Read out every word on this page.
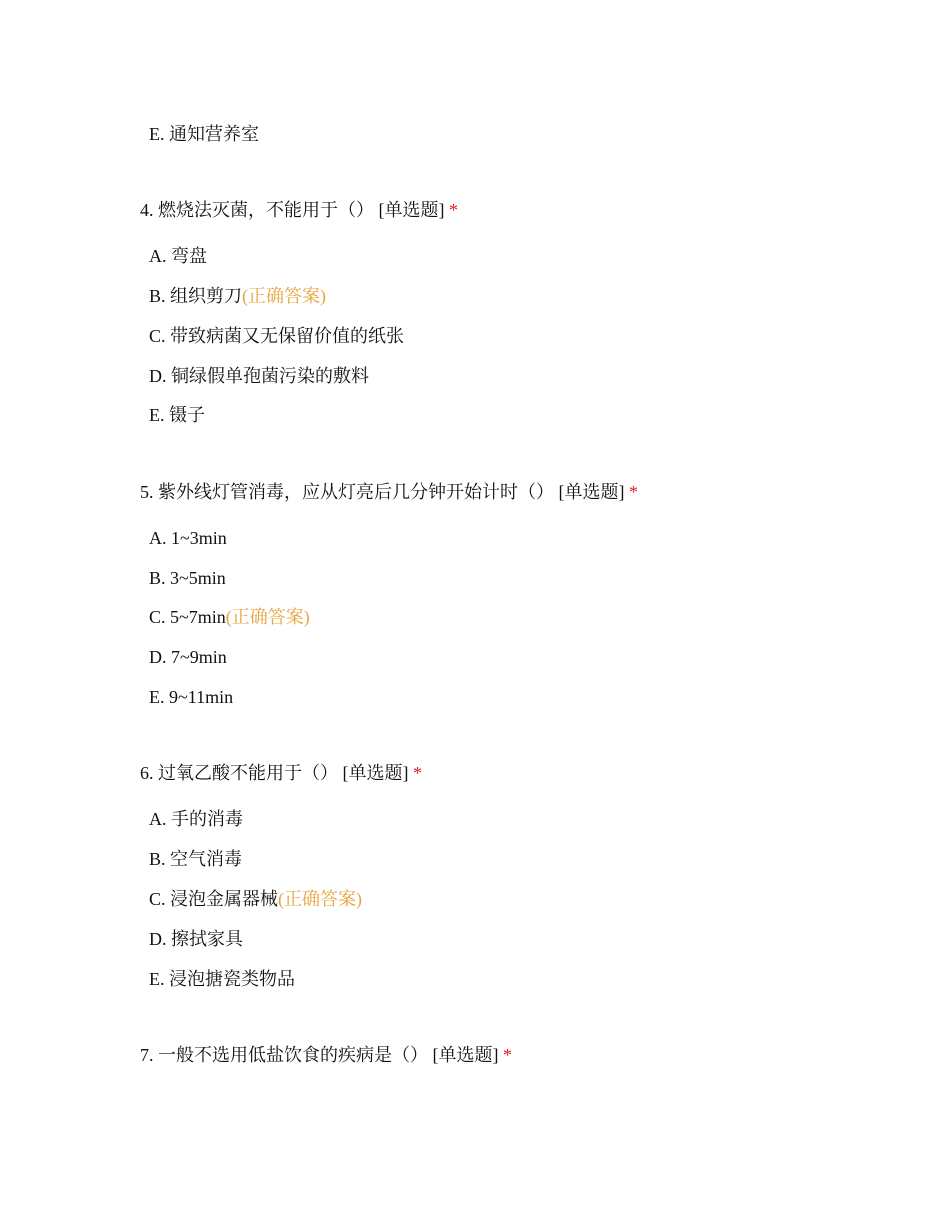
E. 通知营养室
4. 燃烧法灭菌，不能用于（） [单选题] *
A. 弯盘
B. 组织剪刀(正确答案)
C. 带致病菌又无保留价值的纸张
D. 铜绿假单孢菌污染的敷料
E. 镊子
5. 紫外线灯管消毒，应从灯亮后几分钟开始计时（） [单选题] *
A. 1~3min
B. 3~5min
C. 5~7min(正确答案)
D. 7~9min
E. 9~11min
6. 过氧乙酸不能用于（） [单选题] *
A. 手的消毒
B. 空气消毒
C. 浸泡金属器械(正确答案)
D. 擦拭家具
E. 浸泡搪瓷类物品
7. 一般不选用低盐饮食的疾病是（） [单选题] *
